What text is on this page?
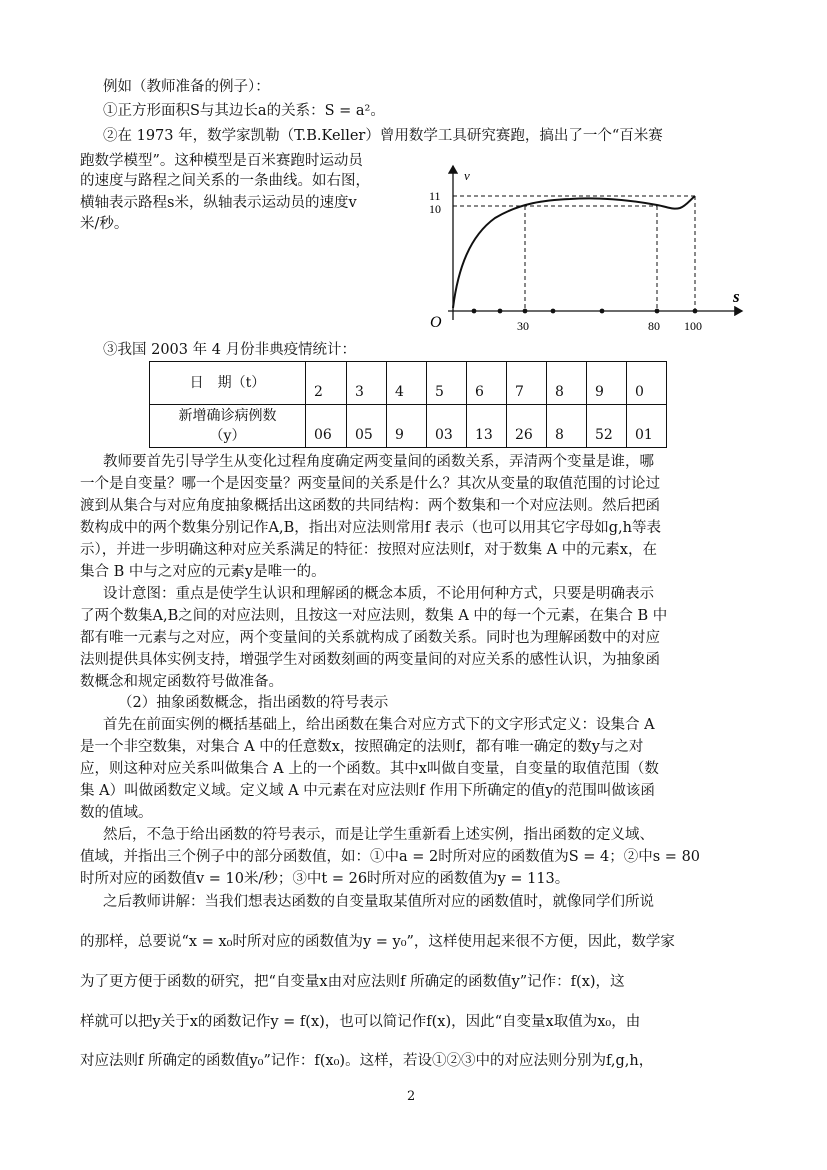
例如（教师准备的例子）：
①正方形面积S与其边长a的关系：S = a²。
②在 1973 年，数学家凯勒（T.B.Keller）曾用数学工具研究赛跑，搞出了一个“百米赛
跑数学模型”。这种模型是百米赛跑时运动员
的速度与路程之间关系的一条曲线。如右图，
横轴表示路程s米，纵轴表示运动员的速度v
米/秒。
v
s
O
11
10
30	80 100
③我国 2003 年 4 月份非典疫情统计：
日　期（t）	2	3	4	5	6	7	8	9	0

新增确诊病例数
（y）	06	05	9	03	13	26	8	52	01
教师要首先引导学生从变化过程角度确定两变量间的函数关系，弄清两个变量是谁，哪
一个是自变量？哪一个是因变量？两变量间的关系是什么？其次从变量的取值范围的讨论过
渡到从集合与对应角度抽象概括出这函数的共同结构：两个数集和一个对应法则。然后把函
数构成中的两个数集分别记作A,B，指出对应法则常用f 表示（也可以用其它字母如g,h等表
示），并进一步明确这种对应关系满足的特征：按照对应法则f，对于数集 A 中的元素x，在
集合 B 中与之对应的元素y是唯一的。
设计意图：重点是使学生认识和理解函的概念本质，不论用何种方式，只要是明确表示
了两个数集A,B之间的对应法则，且按这一对应法则，数集 A 中的每一个元素，在集合 B 中
都有唯一元素与之对应，两个变量间的关系就构成了函数关系。同时也为理解函数中的对应
法则提供具体实例支持，增强学生对函数刻画的两变量间的对应关系的感性认识，为抽象函
数概念和规定函数符号做准备。
（2）抽象函数概念，指出函数的符号表示
首先在前面实例的概括基础上，给出函数在集合对应方式下的文字形式定义：设集合 A
是一个非空数集，对集合 A 中的任意数x，按照确定的法则f，都有唯一确定的数y与之对
应，则这种对应关系叫做集合 A 上的一个函数。其中x叫做自变量，自变量的取值范围（数
集 A）叫做函数定义域。定义域 A 中元素在对应法则f 作用下所确定的值y的范围叫做该函
数的值域。
然后，不急于给出函数的符号表示，而是让学生重新看上述实例，指出函数的定义域、
值域，并指出三个例子中的部分函数值，如：①中a = 2时所对应的函数值为S = 4；②中s = 80
时所对应的函数值v = 10米/秒；③中t = 26时所对应的函数值为y = 113。
之后教师讲解：当我们想表达函数的自变量取某值所对应的函数值时，就像同学们所说
的那样，总要说“x = x₀时所对应的函数值为y = y₀”，这样使用起来很不方便，因此，数学家
为了更方便于函数的研究，把“自变量x由对应法则f 所确定的函数值y”记作：f(x)，这
样就可以把y关于x的函数记作y = f(x)，也可以简记作f(x)，因此“自变量x取值为x₀，由
对应法则f 所确定的函数值y₀”记作：f(x₀)。这样，若设①②③中的对应法则分别为f,g,h，
2
